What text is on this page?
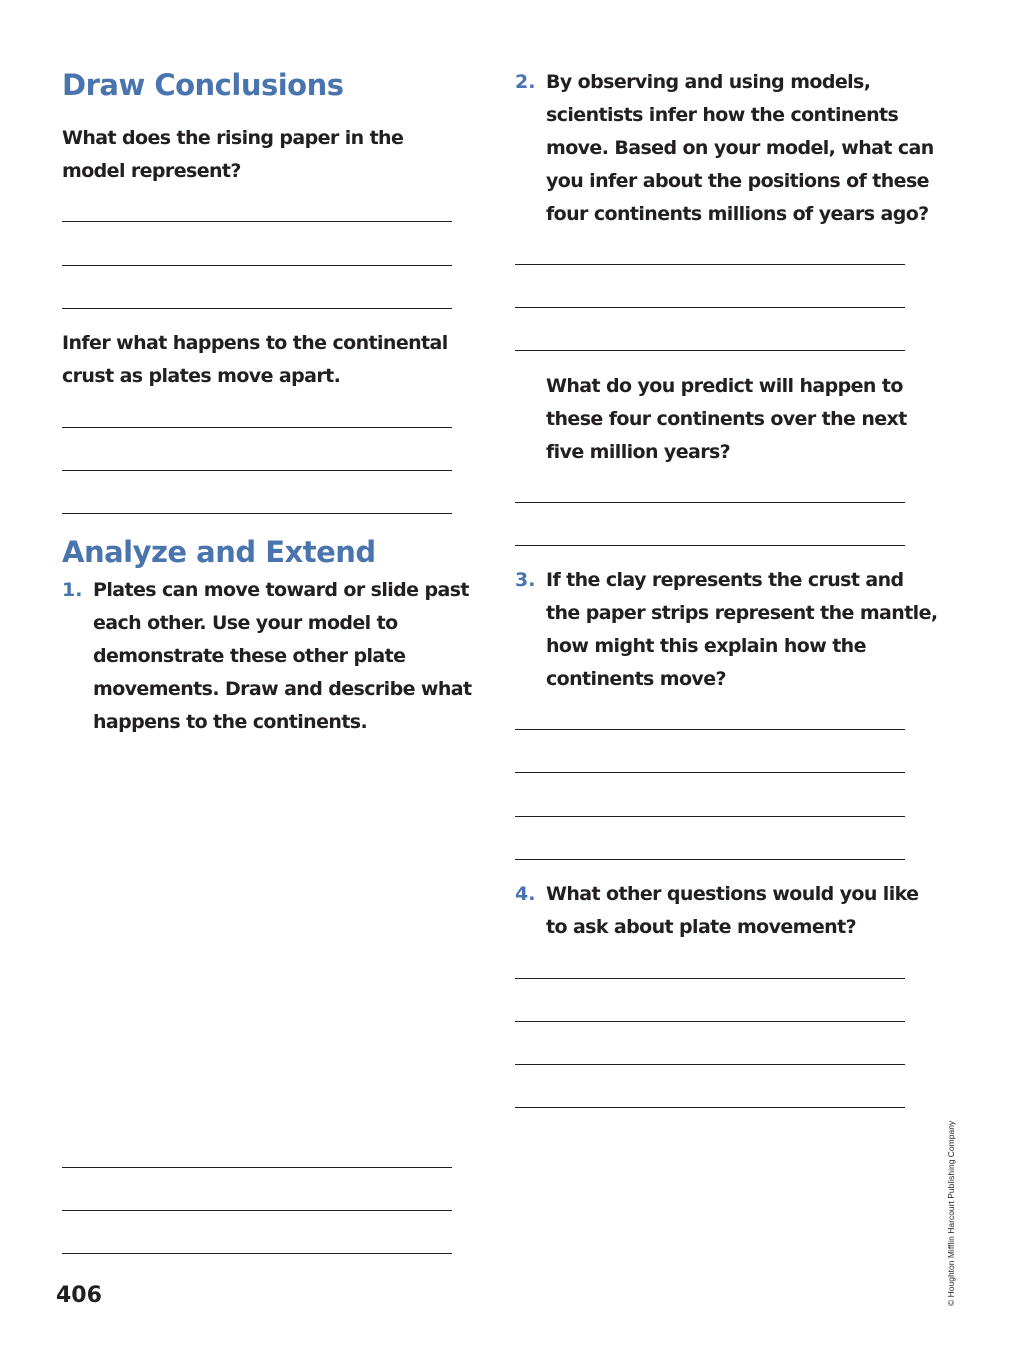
Draw Conclusions
What does the rising paper in the
model represent?
Infer what happens to the continental
crust as plates move apart.
Analyze and Extend
1. Plates can move toward or slide past
each other. Use your model to
demonstrate these other plate
movements. Draw and describe what
happens to the continents.
2. By observing and using models,
scientists infer how the continents
move. Based on your model, what can
you infer about the positions of these
four continents millions of years ago?
What do you predict will happen to
these four continents over the next
five million years?
3. If the clay represents the crust and
the paper strips represent the mantle,
how might this explain how the
continents move?
4. What other questions would you like
to ask about plate movement?
406	© Houghton Mifflin Harcourt Publishing Company
